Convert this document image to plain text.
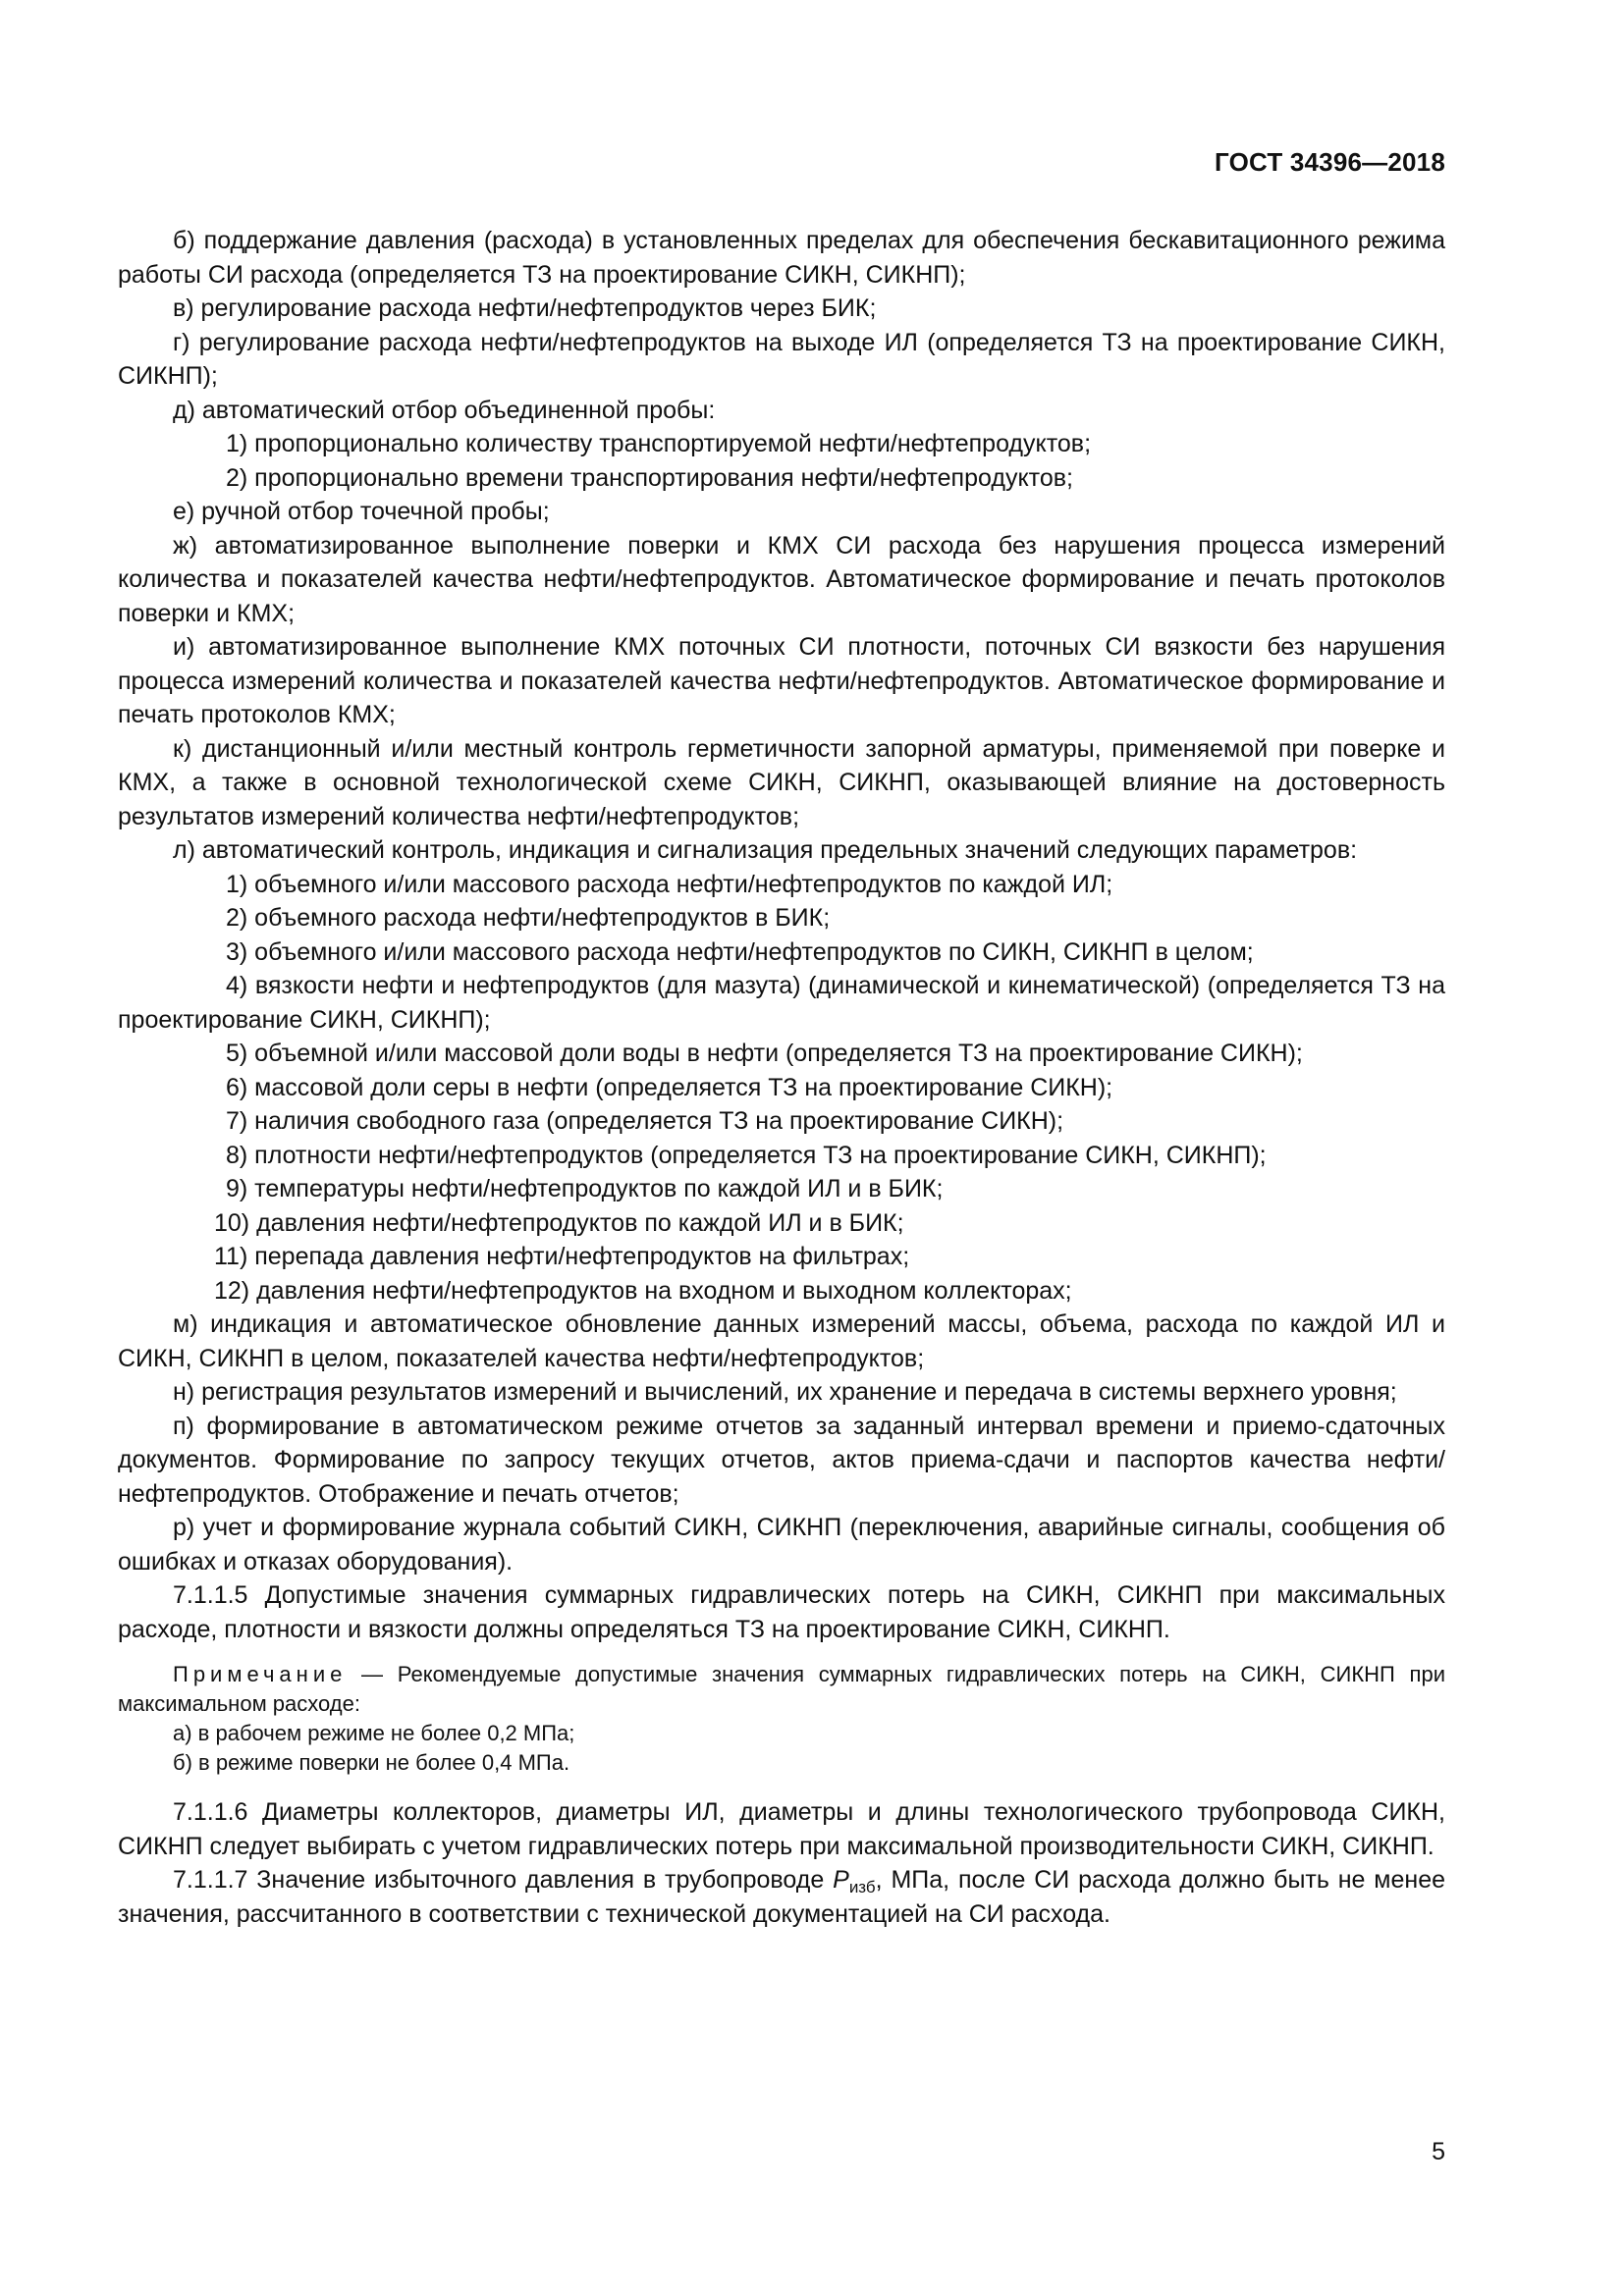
ГОСТ 34396—2018

б) поддержание давления (расхода) в установленных пределах для обеспечения бескавитационного режима работы СИ расхода (определяется ТЗ на проектирование СИКН, СИКНП);

в) регулирование расхода нефти/нефтепродуктов через БИК;

г) регулирование расхода нефти/нефтепродуктов на выходе ИЛ (определяется ТЗ на проектирование СИКН, СИКНП);

д) автоматический отбор объединенной пробы:

1) пропорционально количеству транспортируемой нефти/нефтепродуктов;

2) пропорционально времени транспортирования нефти/нефтепродуктов;

е) ручной отбор точечной пробы;

ж) автоматизированное выполнение поверки и КМХ СИ расхода без нарушения процесса измерений количества и показателей качества нефти/нефтепродуктов. Автоматическое формирование и печать протоколов поверки и КМХ;

и) автоматизированное выполнение КМХ поточных СИ плотности, поточных СИ вязкости без нарушения процесса измерений количества и показателей качества нефти/нефтепродуктов. Автоматическое формирование и печать протоколов КМХ;

к) дистанционный и/или местный контроль герметичности запорной арматуры, применяемой при поверке и КМХ, а также в основной технологической схеме СИКН, СИКНП, оказывающей влияние на достоверность результатов измерений количества нефти/нефтепродуктов;

л) автоматический контроль, индикация и сигнализация предельных значений следующих параметров:

1) объемного и/или массового расхода нефти/нефтепродуктов по каждой ИЛ;

2) объемного расхода нефти/нефтепродуктов в БИК;

3) объемного и/или массового расхода нефти/нефтепродуктов по СИКН, СИКНП в целом;

4) вязкости нефти и нефтепродуктов (для мазута) (динамической и кинематической) (определяется ТЗ на проектирование СИКН, СИКНП);

5) объемной и/или массовой доли воды в нефти (определяется ТЗ на проектирование СИКН);

6) массовой доли серы в нефти (определяется ТЗ на проектирование СИКН);

7) наличия свободного газа (определяется ТЗ на проектирование СИКН);

8) плотности нефти/нефтепродуктов (определяется ТЗ на проектирование СИКН, СИКНП);

9) температуры нефти/нефтепродуктов по каждой ИЛ и в БИК;

10) давления нефти/нефтепродуктов по каждой ИЛ и в БИК;

11) перепада давления нефти/нефтепродуктов на фильтрах;

12) давления нефти/нефтепродуктов на входном и выходном коллекторах;

м) индикация и автоматическое обновление данных измерений массы, объема, расхода по каждой ИЛ и СИКН, СИКНП в целом, показателей качества нефти/нефтепродуктов;

н) регистрация результатов измерений и вычислений, их хранение и передача в системы верхнего уровня;

п) формирование в автоматическом режиме отчетов за заданный интервал времени и приемо-сдаточных документов. Формирование по запросу текущих отчетов, актов приема-сдачи и паспортов качества нефти/нефтепродуктов. Отображение и печать отчетов;

р) учет и формирование журнала событий СИКН, СИКНП (переключения, аварийные сигналы, сообщения об ошибках и отказах оборудования).

7.1.1.5 Допустимые значения суммарных гидравлических потерь на СИКН, СИКНП при максимальных расходе, плотности и вязкости должны определяться ТЗ на проектирование СИКН, СИКНП.

Примечание — Рекомендуемые допустимые значения суммарных гидравлических потерь на СИКН, СИКНП при максимальном расходе:

а) в рабочем режиме не более 0,2 МПа;

б) в режиме поверки не более 0,4 МПа.

7.1.1.6 Диаметры коллекторов, диаметры ИЛ, диаметры и длины технологического трубопровода СИКН, СИКНП следует выбирать с учетом гидравлических потерь при максимальной производительности СИКН, СИКНП.

7.1.1.7 Значение избыточного давления в трубопроводе $P_{изб}$, МПа, после СИ расхода должно быть не менее значения, рассчитанного в соответствии с технической документацией на СИ расхода.

5
